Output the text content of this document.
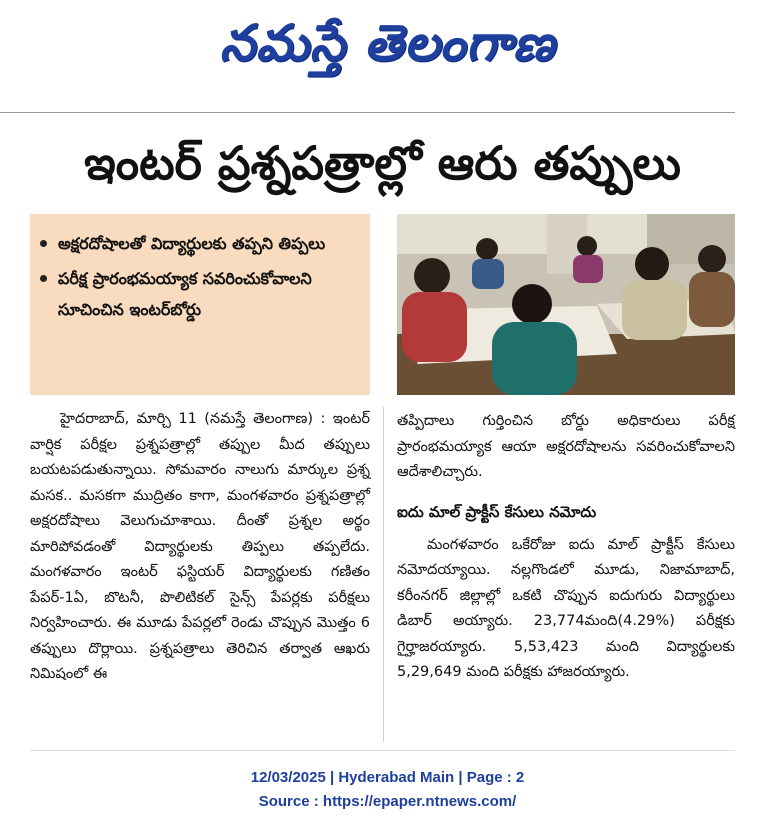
నమస్తే తెలంగాణ
ఇంటర్ ప్రశ్నపత్రాల్లో ఆరు తప్పులు
అక్షరదోషాలతో విద్యార్థులకు తప్పని తిప్పలు
పరీక్ష ప్రారంభమయ్యాక సవరించుకోవాలని సూచించిన ఇంటర్‌బోర్డు

హైదరాబాద్, మార్చి 11 (నమస్తే తెలంగాణ) : ఇంటర్ వార్షిక పరీక్షల ప్రశ్నపత్రాల్లో తప్పుల మీద తప్పులు బయటపడుతున్నాయి. సోమవారం నాలుగు మార్కుల ప్రశ్న మసక.. మసకగా ముద్రితం కాగా, మంగళవారం ప్రశ్నపత్రాల్లో అక్షరదోషాలు వెలుగుచూశాయి. దీంతో ప్రశ్నల అర్థం మారిపోవడంతో విద్యార్థులకు తిప్పలు తప్పలేదు. మంగళవారం ఇంటర్ ఫస్టియర్ విద్యార్థులకు గణితం పేపర్-1ఏ, బొటనీ, పొలిటికల్ సైన్స్ పేపర్లకు పరీక్షలు నిర్వహించారు. ఈ మూడు పేపర్లలో రెండు చొప్పున మొత్తం 6 తప్పులు దొర్లాయి. ప్రశ్నపత్రాలు తెరిచిన తర్వాత ఆఖరు నిమిషంలో ఈ

తప్పిదాలు గుర్తించిన బోర్డు అధికారులు పరీక్ష ప్రారంభమయ్యాక ఆయా అక్షరదోషాలను సవరించుకోవాలని ఆదేశాలిచ్చారు.

ఐదు మాల్ ప్రాక్టీస్ కేసులు నమోదు

మంగళవారం ఒకేరోజు ఐదు మాల్ ప్రాక్టీస్ కేసులు నమోదయ్యాయి. నల్లగొండలో మూడు, నిజామాబాద్, కరీంనగర్ జిల్లాల్లో ఒకటి చొప్పున ఐదుగురు విద్యార్థులు డిబార్ అయ్యారు. 23,774మంది(4.29%) పరీక్షకు గైర్హాజరయ్యారు. 5,53,423 మంది విద్యార్థులకు 5,29,649 మంది పరీక్షకు హాజరయ్యారు.

12/03/2025 | Hyderabad Main | Page : 2
Source : https://epaper.ntnews.com/
